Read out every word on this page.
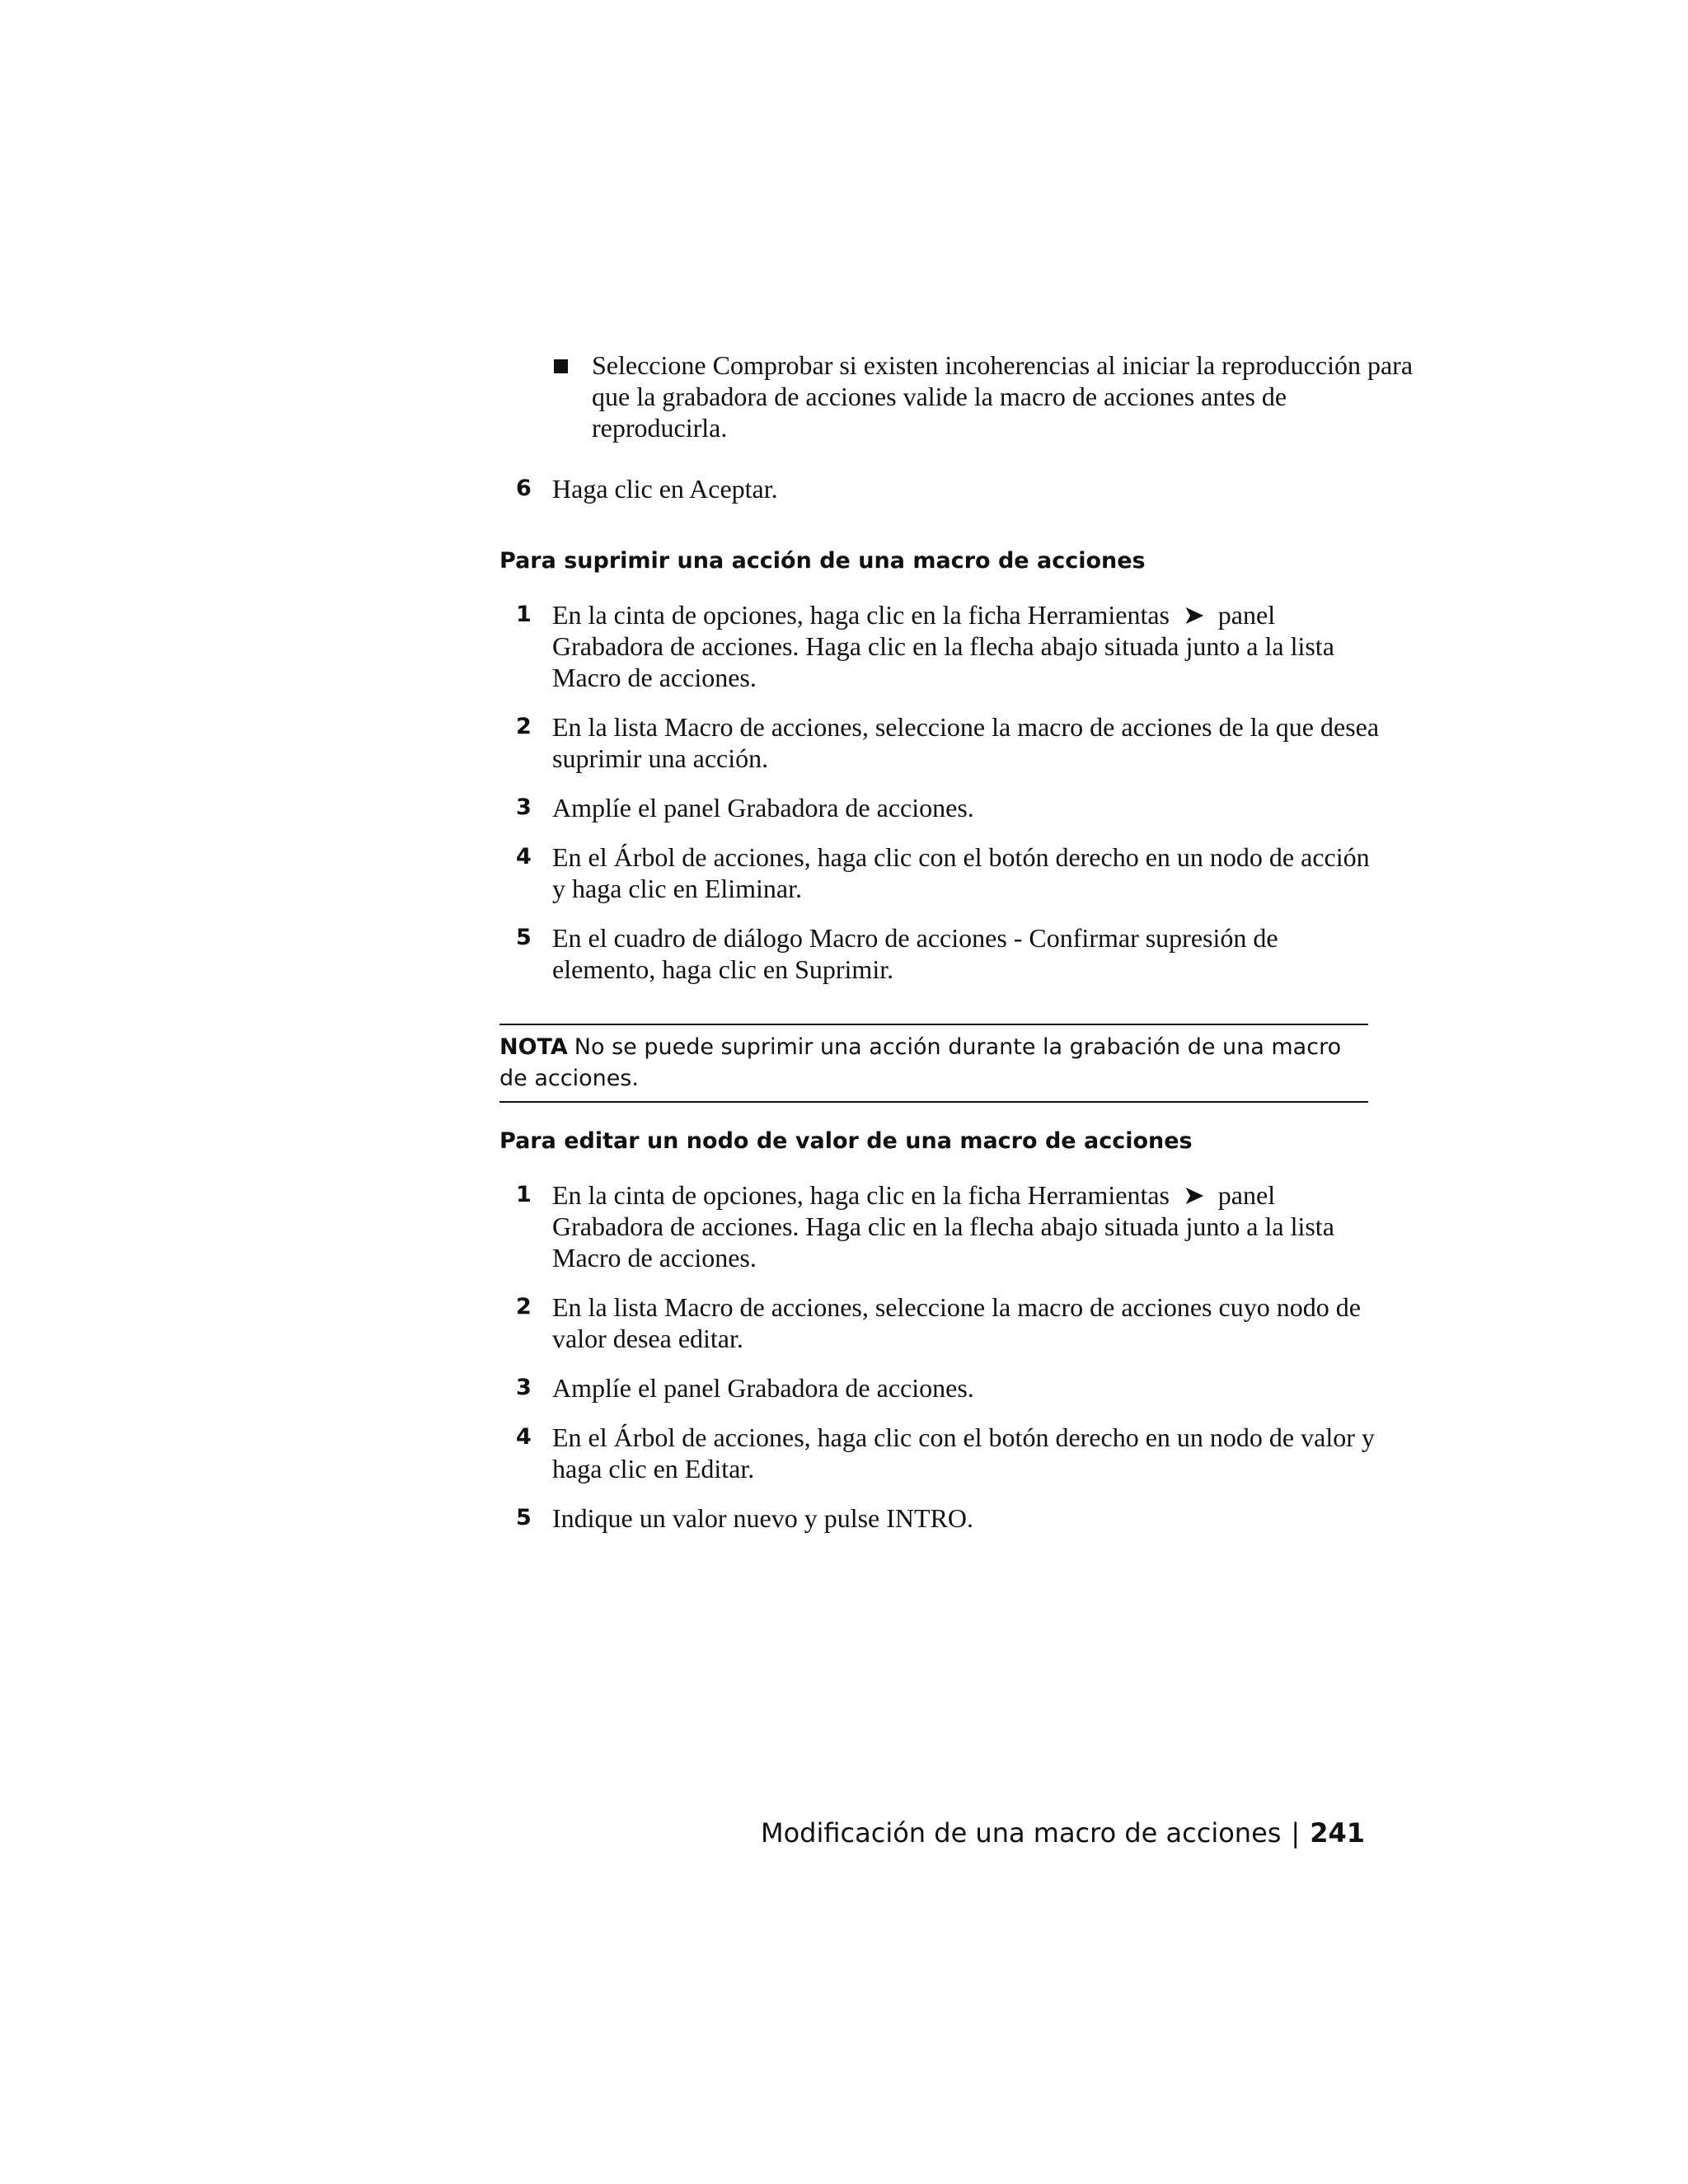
Seleccione Comprobar si existen incoherencias al iniciar la reproducción para que la grabadora de acciones valide la macro de acciones antes de reproducirla.
6 Haga clic en Aceptar.
Para suprimir una acción de una macro de acciones
1 En la cinta de opciones, haga clic en la ficha Herramientas ➤ panel Grabadora de acciones. Haga clic en la flecha abajo situada junto a la lista Macro de acciones.
2 En la lista Macro de acciones, seleccione la macro de acciones de la que desea suprimir una acción.
3 Amplíe el panel Grabadora de acciones.
4 En el Árbol de acciones, haga clic con el botón derecho en un nodo de acción y haga clic en Eliminar.
5 En el cuadro de diálogo Macro de acciones - Confirmar supresión de elemento, haga clic en Suprimir.
NOTA No se puede suprimir una acción durante la grabación de una macro de acciones.
Para editar un nodo de valor de una macro de acciones
1 En la cinta de opciones, haga clic en la ficha Herramientas ➤ panel Grabadora de acciones. Haga clic en la flecha abajo situada junto a la lista Macro de acciones.
2 En la lista Macro de acciones, seleccione la macro de acciones cuyo nodo de valor desea editar.
3 Amplíe el panel Grabadora de acciones.
4 En el Árbol de acciones, haga clic con el botón derecho en un nodo de valor y haga clic en Editar.
5 Indique un valor nuevo y pulse INTRO.
Modificación de una macro de acciones | 241
